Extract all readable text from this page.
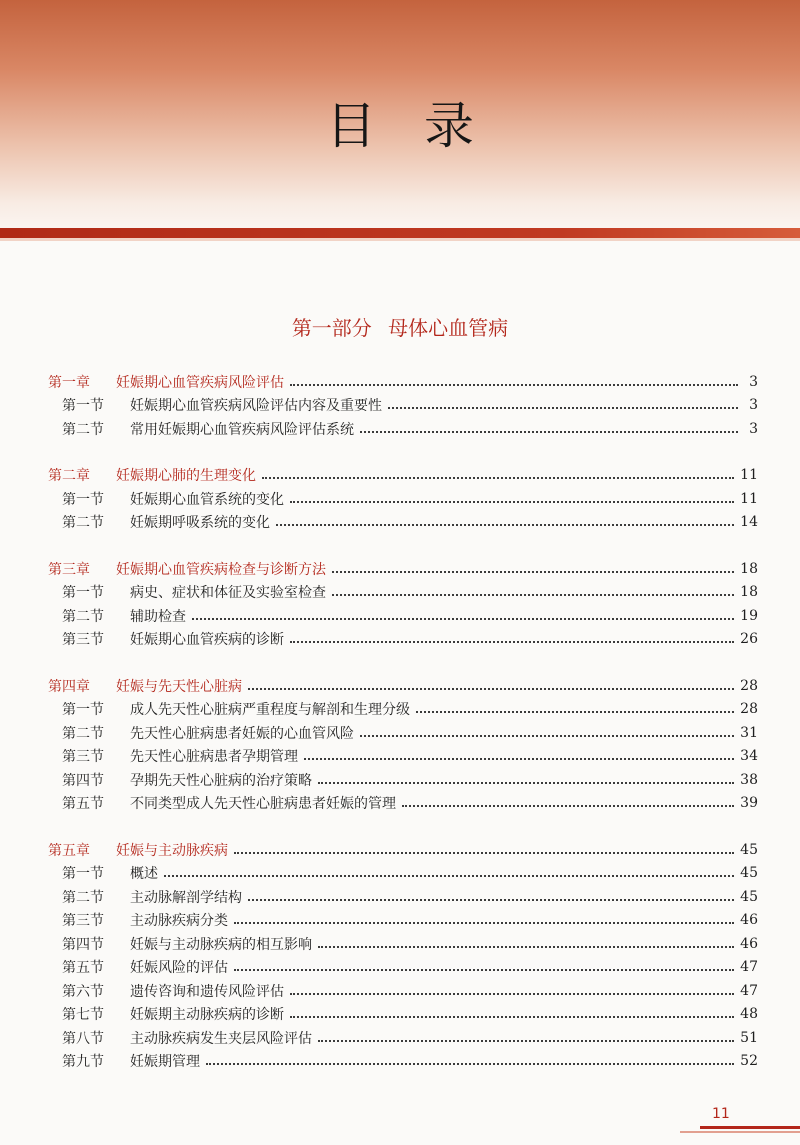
目录
第一部分 母体心血管病
第一章	妊娠期心血管疾病风险评估	3
第一节	妊娠期心血管疾病风险评估内容及重要性	3
第二节	常用妊娠期心血管疾病风险评估系统	3
第二章	妊娠期心肺的生理变化	11
第一节	妊娠期心血管系统的变化	11
第二节	妊娠期呼吸系统的变化	14
第三章	妊娠期心血管疾病检查与诊断方法	18
第一节	病史、症状和体征及实验室检查	18
第二节	辅助检查	19
第三节	妊娠期心血管疾病的诊断	26
第四章	妊娠与先天性心脏病	28
第一节	成人先天性心脏病严重程度与解剖和生理分级	28
第二节	先天性心脏病患者妊娠的心血管风险	31
第三节	先天性心脏病患者孕期管理	34
第四节	孕期先天性心脏病的治疗策略	38
第五节	不同类型成人先天性心脏病患者妊娠的管理	39
第五章	妊娠与主动脉疾病	45
第一节	概述	45
第二节	主动脉解剖学结构	45
第三节	主动脉疾病分类	46
第四节	妊娠与主动脉疾病的相互影响	46
第五节	妊娠风险的评估	47
第六节	遗传咨询和遗传风险评估	47
第七节	妊娠期主动脉疾病的诊断	48
第八节	主动脉疾病发生夹层风险评估	51
第九节	妊娠期管理	52
11
